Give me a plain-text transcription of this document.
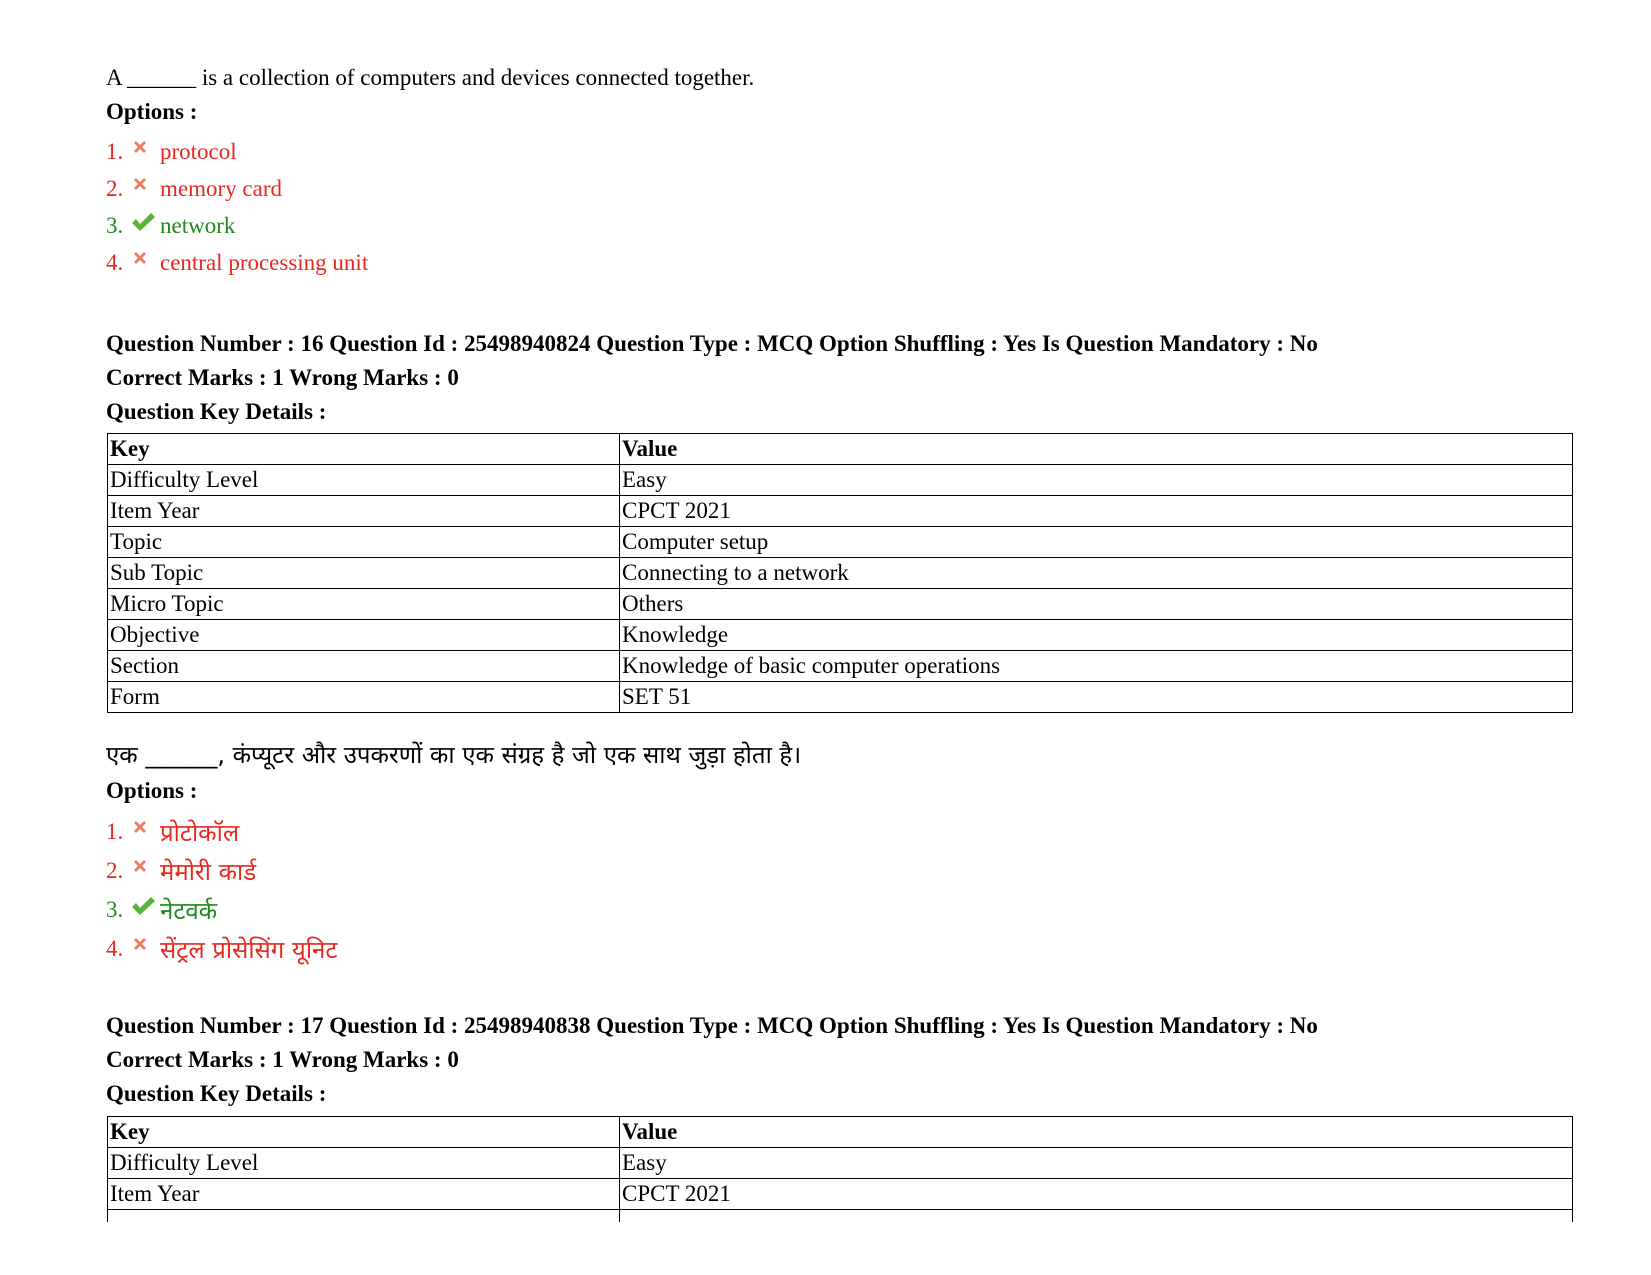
A ______ is a collection of computers and devices connected together.
Options :
1. protocol
2. memory card
3. network
4. central processing unit
Question Number : 16 Question Id : 25498940824 Question Type : MCQ Option Shuffling : Yes Is Question Mandatory : No
Correct Marks : 1 Wrong Marks : 0
Question Key Details :
Key	Value
Difficulty Level	Easy
Item Year	CPCT 2021
Topic	Computer setup
Sub Topic	Connecting to a network
Micro Topic	Others
Objective	Knowledge
Section	Knowledge of basic computer operations
Form	SET 51
एक ______, कंप्यूटर और उपकरणों का एक संग्रह है जो एक साथ जुड़ा होता है।
Options :
1. प्रोटोकॉल
2. मेमोरी कार्ड
3. नेटवर्क
4. सेंट्रल प्रोसेसिंग यूनिट
Question Number : 17 Question Id : 25498940838 Question Type : MCQ Option Shuffling : Yes Is Question Mandatory : No
Correct Marks : 1 Wrong Marks : 0
Question Key Details :
Key	Value
Difficulty Level	Easy
Item Year	CPCT 2021
